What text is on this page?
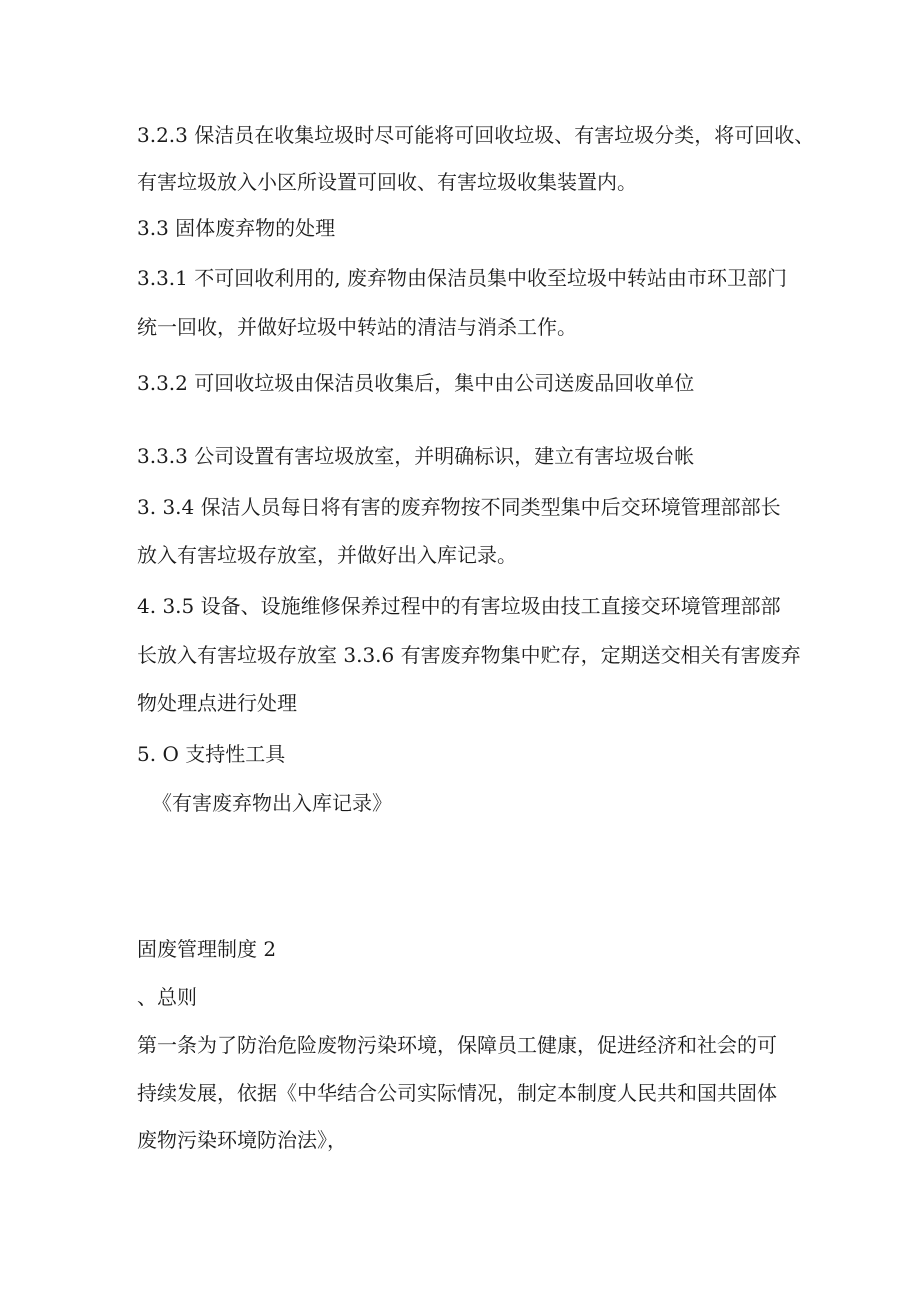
3.2.3 保洁员在收集垃圾时尽可能将可回收垃圾、有害垃圾分类，将可回收、

有害垃圾放入小区所设置可回收、有害垃圾收集装置内。

3.3 固体废弃物的处理

3.3.1 不可回收利用的, 废弃物由保洁员集中收至垃圾中转站由市环卫部门

统一回收，并做好垃圾中转站的清洁与消杀工作。

3.3.2 可回收垃圾由保洁员收集后，集中由公司送废品回收单位

3.3.3 公司设置有害垃圾放室，并明确标识，建立有害垃圾台帐

3. 3.4 保洁人员每日将有害的废弃物按不同类型集中后交环境管理部部长

放入有害垃圾存放室，并做好出入库记录。

4. 3.5 设备、设施维修保养过程中的有害垃圾由技工直接交环境管理部部

长放入有害垃圾存放室 3.3.6 有害废弃物集中贮存，定期送交相关有害废弃

物处理点进行处理

5. O 支持性工具

《有害废弃物出入库记录》

固废管理制度 2

、总则

第一条为了防治危险废物污染环境，保障员工健康，促进经济和社会的可

持续发展，依据《中华结合公司实际情况，制定本制度人民共和国共固体

废物污染环境防治法》，
